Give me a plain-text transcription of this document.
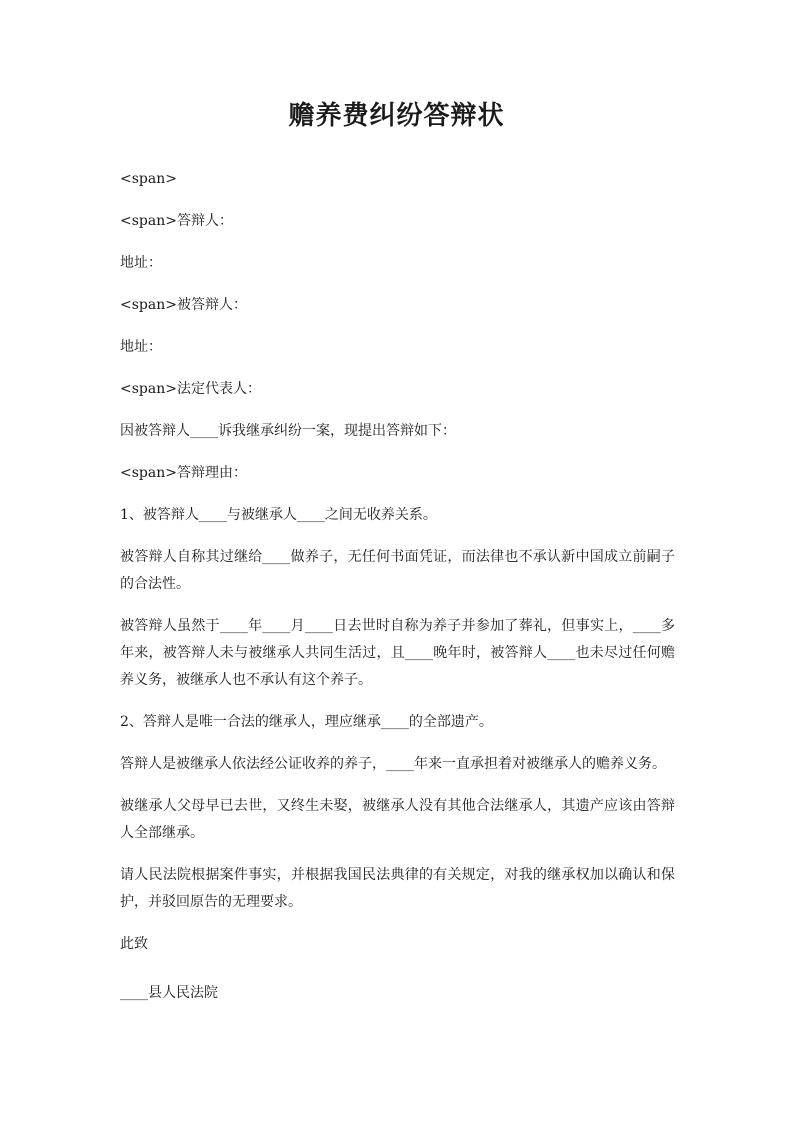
赡养费纠纷答辩状

<span>

<span>答辩人：

地址：

<span>被答辩人：

地址：

<span>法定代表人：

因被答辩人____诉我继承纠纷一案，现提出答辩如下：

<span>答辩理由：

1、被答辩人____与被继承人____之间无收养关系。

被答辩人自称其过继给____做养子，无任何书面凭证，而法律也不承认新中国成立前嗣子的合法性。

被答辩人虽然于____年____月____日去世时自称为养子并参加了葬礼，但事实上，____多年来，被答辩人未与被继承人共同生活过，且____晚年时，被答辩人____也未尽过任何赡养义务，被继承人也不承认有这个养子。

2、答辩人是唯一合法的继承人，理应继承____的全部遗产。

答辩人是被继承人依法经公证收养的养子，____年来一直承担着对被继承人的赡养义务。

被继承人父母早已去世，又终生未娶，被继承人没有其他合法继承人，其遗产应该由答辩人全部继承。

请人民法院根据案件事实，并根据我国民法典律的有关规定，对我的继承权加以确认和保护，并驳回原告的无理要求。

此致

____县人民法院
